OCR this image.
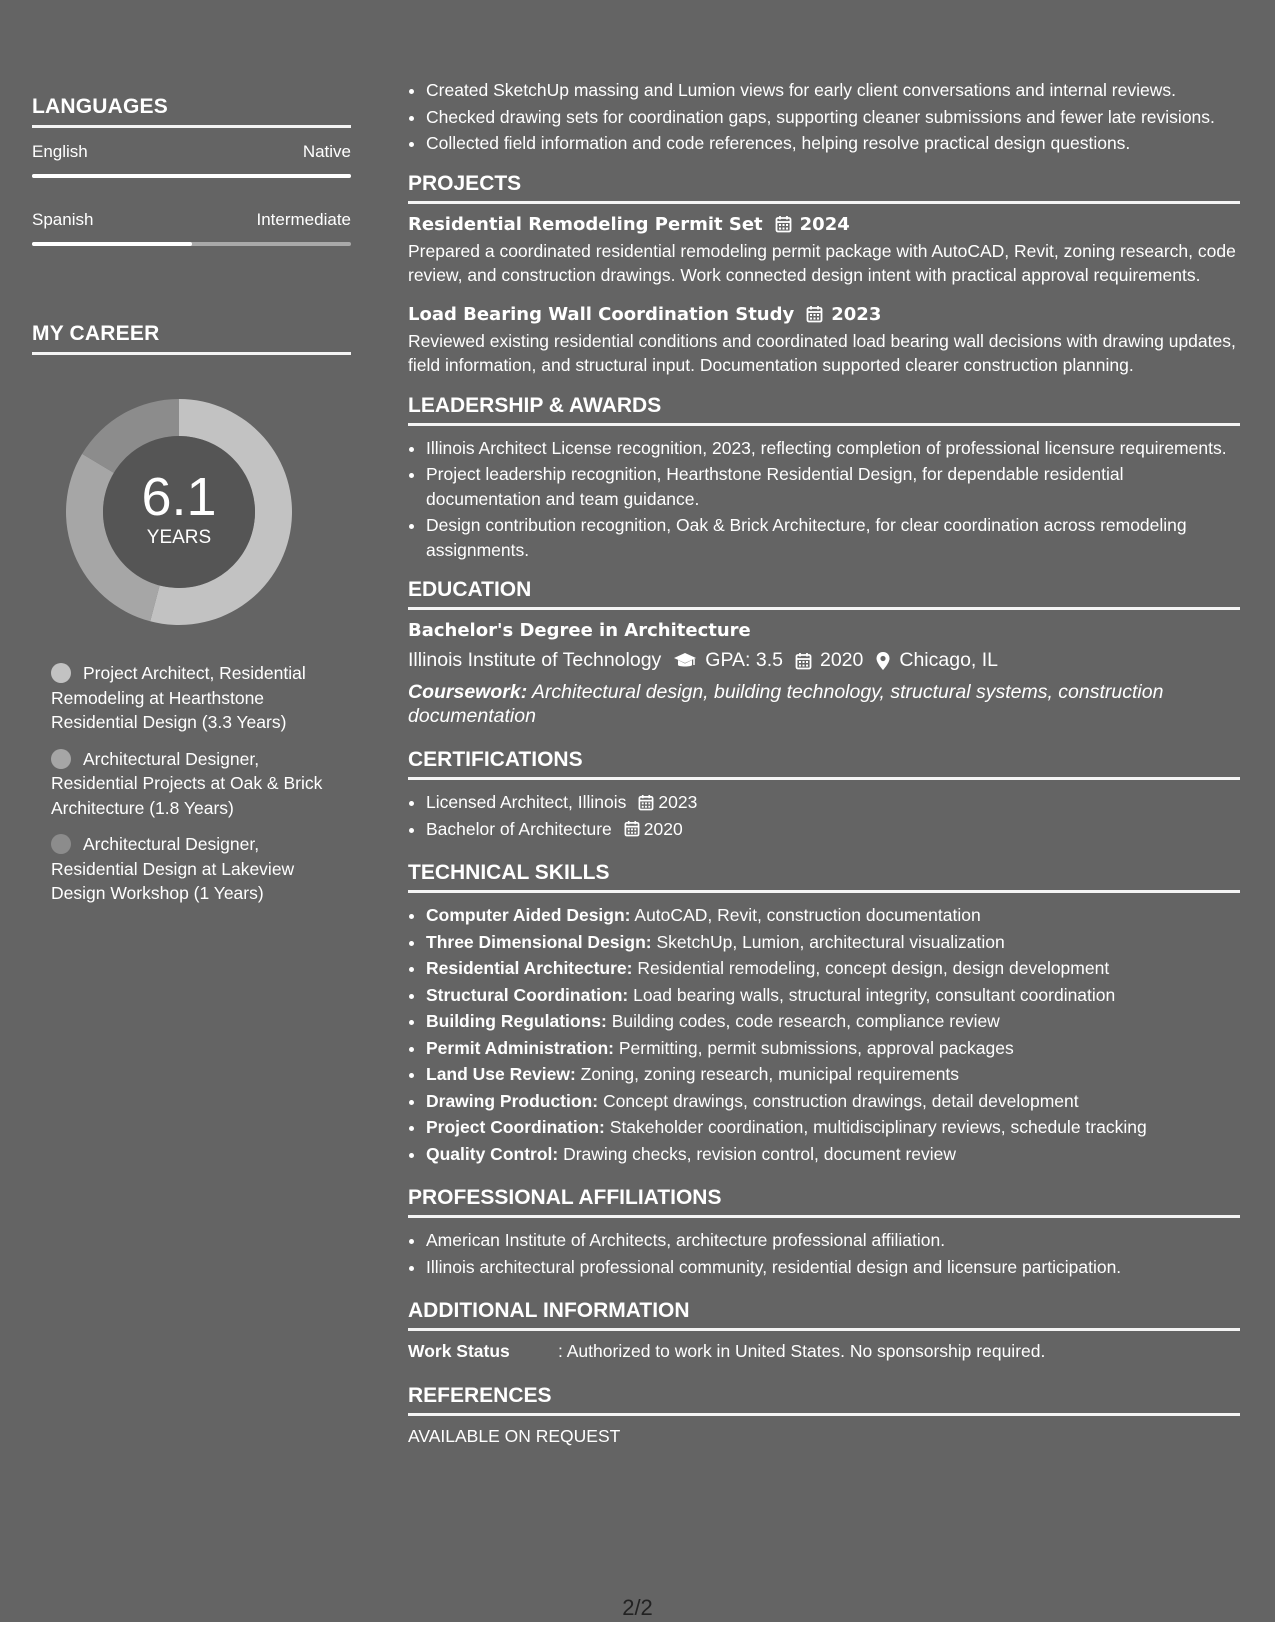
LANGUAGES
English	Native
Spanish	Intermediate
MY CAREER
6.1
YEARS
Project Architect, Residential Remodeling at Hearthstone Residential Design (3.3 Years)
Architectural Designer, Residential Projects at Oak & Brick Architecture (1.8 Years)
Architectural Designer, Residential Design at Lakeview Design Workshop (1 Years)
• Created SketchUp massing and Lumion views for early client conversations and internal reviews.
• Checked drawing sets for coordination gaps, supporting cleaner submissions and fewer late revisions.
• Collected field information and code references, helping resolve practical design questions.
PROJECTS
Residential Remodeling Permit Set 2024
Prepared a coordinated residential remodeling permit package with AutoCAD, Revit, zoning research, code review, and construction drawings. Work connected design intent with practical approval requirements.
Load Bearing Wall Coordination Study 2023
Reviewed existing residential conditions and coordinated load bearing wall decisions with drawing updates, field information, and structural input. Documentation supported clearer construction planning.
LEADERSHIP & AWARDS
• Illinois Architect License recognition, 2023, reflecting completion of professional licensure requirements.
• Project leadership recognition, Hearthstone Residential Design, for dependable residential documentation and team guidance.
• Design contribution recognition, Oak & Brick Architecture, for clear coordination across remodeling assignments.
EDUCATION
Bachelor's Degree in Architecture
Illinois Institute of Technology GPA: 3.5 2020 Chicago, IL
Coursework: Architectural design, building technology, structural systems, construction documentation
CERTIFICATIONS
• Licensed Architect, Illinois 2023
• Bachelor of Architecture 2020
TECHNICAL SKILLS
• Computer Aided Design: AutoCAD, Revit, construction documentation
• Three Dimensional Design: SketchUp, Lumion, architectural visualization
• Residential Architecture: Residential remodeling, concept design, design development
• Structural Coordination: Load bearing walls, structural integrity, consultant coordination
• Building Regulations: Building codes, code research, compliance review
• Permit Administration: Permitting, permit submissions, approval packages
• Land Use Review: Zoning, zoning research, municipal requirements
• Drawing Production: Concept drawings, construction drawings, detail development
• Project Coordination: Stakeholder coordination, multidisciplinary reviews, schedule tracking
• Quality Control: Drawing checks, revision control, document review
PROFESSIONAL AFFILIATIONS
• American Institute of Architects, architecture professional affiliation.
• Illinois architectural professional community, residential design and licensure participation.
ADDITIONAL INFORMATION
Work Status	: Authorized to work in United States. No sponsorship required.
REFERENCES
AVAILABLE ON REQUEST
2/2
